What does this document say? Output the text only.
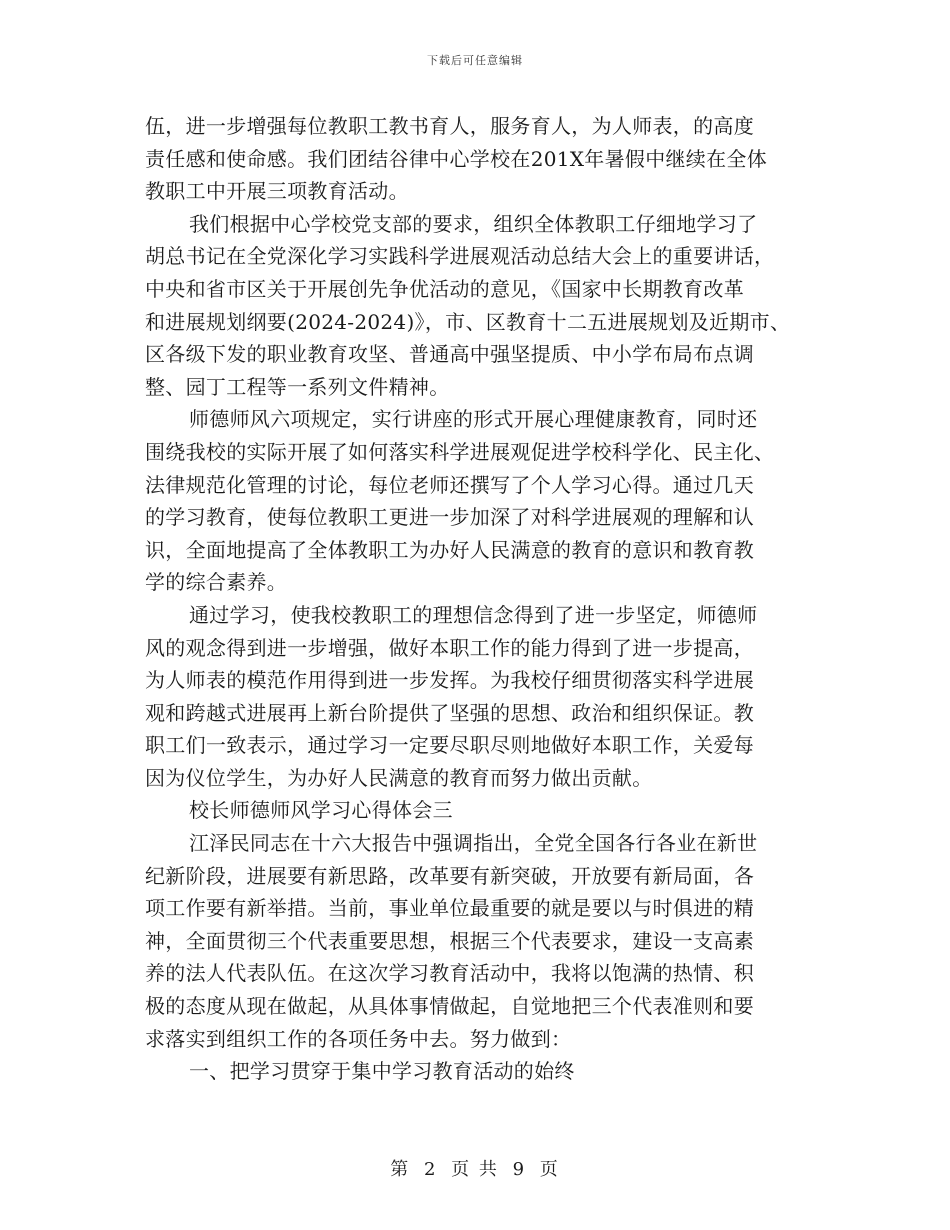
下载后可任意编辑
伍，进一步增强每位教职工教书育人，服务育人，为人师表，的高度
责任感和使命感。我们团结谷律中心学校在201X年暑假中继续在全体
教职工中开展三项教育活动。
我们根据中心学校党支部的要求，组织全体教职工仔细地学习了
胡总书记在全党深化学习实践科学进展观活动总结大会上的重要讲话，
中央和省市区关于开展创先争优活动的意见，《国家中长期教育改革
和进展规划纲要(2024-2024)》，市、区教育十二五进展规划及近期市、
区各级下发的职业教育攻坚、普通高中强坚提质、中小学布局布点调
整、园丁工程等一系列文件精神。
师德师风六项规定，实行讲座的形式开展心理健康教育，同时还
围绕我校的实际开展了如何落实科学进展观促进学校科学化、民主化、
法律规范化管理的讨论，每位老师还撰写了个人学习心得。通过几天
的学习教育，使每位教职工更进一步加深了对科学进展观的理解和认
识，全面地提高了全体教职工为办好人民满意的教育的意识和教育教
学的综合素养。
通过学习，使我校教职工的理想信念得到了进一步坚定，师德师
风的观念得到进一步增强，做好本职工作的能力得到了进一步提高，
为人师表的模范作用得到进一步发挥。为我校仔细贯彻落实科学进展
观和跨越式进展再上新台阶提供了坚强的思想、政治和组织保证。教
职工们一致表示，通过学习一定要尽职尽则地做好本职工作，关爱每
因为仪位学生，为办好人民满意的教育而努力做出贡献。
校长师德师风学习心得体会三
江泽民同志在十六大报告中强调指出，全党全国各行各业在新世
纪新阶段，进展要有新思路，改革要有新突破，开放要有新局面，各
项工作要有新举措。当前，事业单位最重要的就是要以与时俱进的精
神，全面贯彻三个代表重要思想，根据三个代表要求，建设一支高素
养的法人代表队伍。在这次学习教育活动中，我将以饱满的热情、积
极的态度从现在做起，从具体事情做起，自觉地把三个代表准则和要
求落实到组织工作的各项任务中去。努力做到：
一、把学习贯穿于集中学习教育活动的始终
第 2 页 共 9 页
